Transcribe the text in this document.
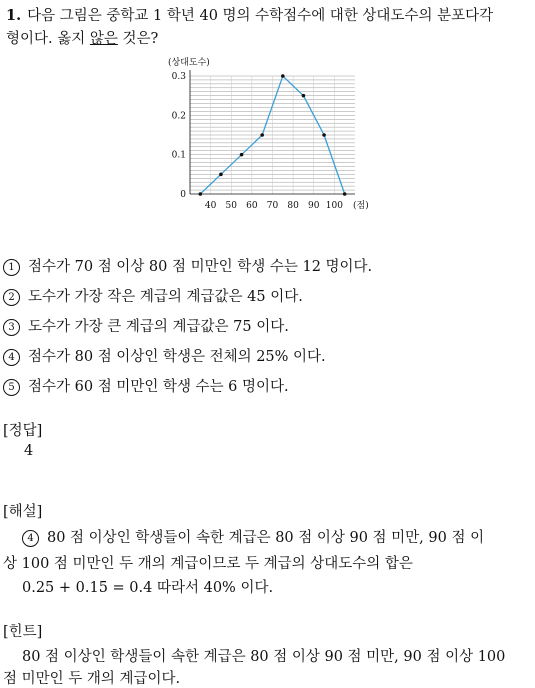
1. 다음 그림은 중학교 1 학년 40 명의 수학점수에 대한 상대도수의 분포다각
형이다. 옳지 않은 것은?
0
0.1
0.2
0.3
40 50 60 70 80 90 100
(상대도수)
(점)
1 점수가 70 점 이상 80 점 미만인 학생 수는 12 명이다.
2 도수가 가장 작은 계급의 계급값은 45 이다.
3 도수가 가장 큰 계급의 계급값은 75 이다.
4 점수가 80 점 이상인 학생은 전체의 25% 이다.
5 점수가 60 점 미만인 학생 수는 6 명이다.
[정답]
4
[해설]
4 80 점 이상인 학생들이 속한 계급은 80 점 이상 90 점 미만, 90 점 이
상 100 점 미만인 두 개의 계급이므로 두 계급의 상대도수의 합은
0.25 + 0.15 = 0.4 따라서 40% 이다.
[힌트]
80 점 이상인 학생들이 속한 계급은 80 점 이상 90 점 미만, 90 점 이상 100
점 미만인 두 개의 계급이다.
